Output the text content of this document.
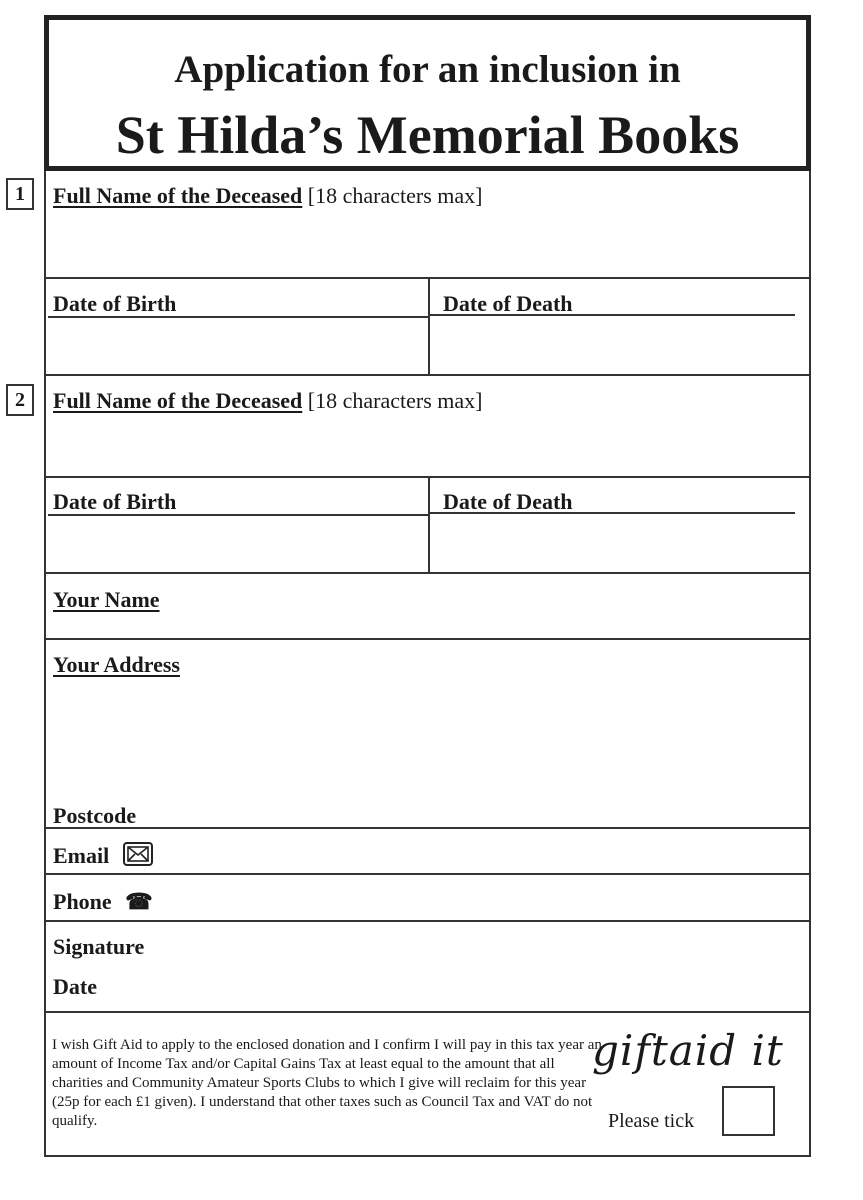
Application for an inclusion in
St Hilda’s Memorial Books
1
2
Full Name of the Deceased [18 characters max]
Date of Birth	Date of Death
Full Name of the Deceased [18 characters max]
Date of Birth	Date of Death
Your Name
Your Address
Postcode
Email
Phone ☎
Signature
Date
I wish Gift Aid to apply to the enclosed donation and I confirm I will pay in this tax year an amount of Income Tax and/or Capital Gains Tax at least equal to the amount that all charities and Community Amateur Sports Clubs to which I give will reclaim for this year (25p for each £1 given). I understand that other taxes such as Council Tax and VAT do not qualify.
giftaid it
Please tick
